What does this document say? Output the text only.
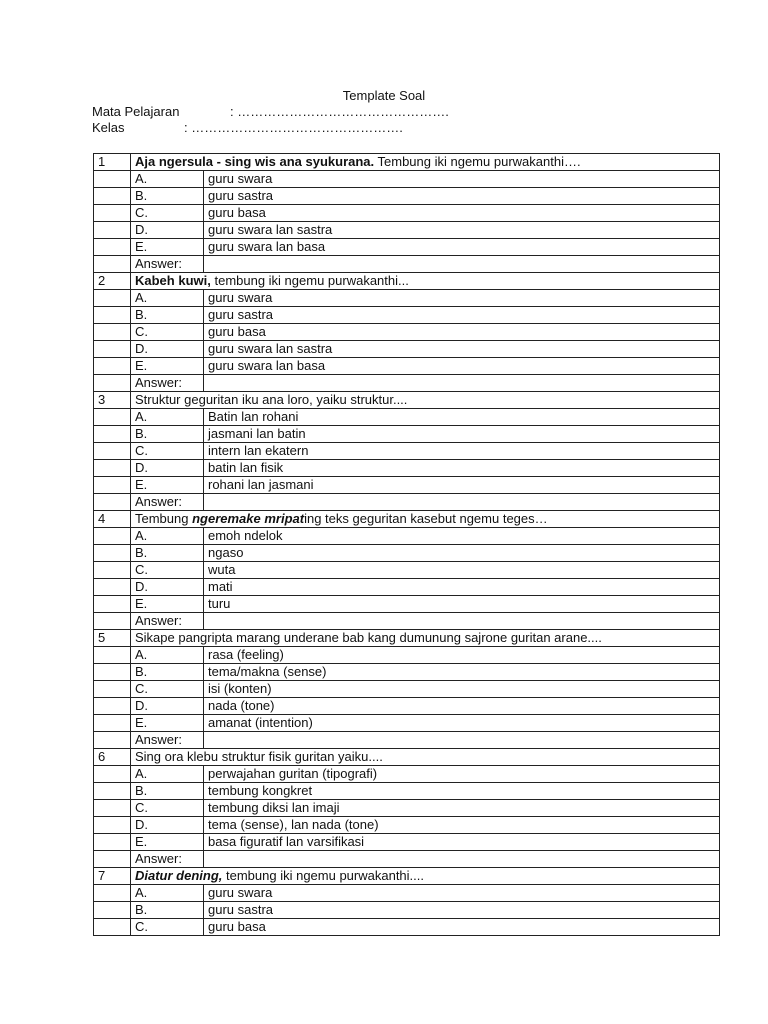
Template Soal
Mata Pelajaran	: ………………………………………….
Kelas	: ………………………………………….
1	Aja ngersula - sing wis ana syukurana. Tembung iki ngemu purwakanthi….	
	A.	guru swara
	B.	guru sastra
	C.	guru basa
	D.	guru swara lan sastra
	E.	guru swara lan basa
	Answer:	
2	Kabeh kuwi, tembung iki ngemu purwakanthi...	
	A.	guru swara
	B.	guru sastra
	C.	guru basa
	D.	guru swara lan sastra
	E.	guru swara lan basa
	Answer:	
3	Struktur geguritan iku ana loro, yaiku struktur....	
	A.	Batin lan rohani
	B.	jasmani lan batin
	C.	intern lan ekatern
	D.	batin lan fisik
	E.	rohani lan jasmani
	Answer:	
4	Tembung ngeremake mripating teks geguritan kasebut ngemu teges…	
	A.	emoh ndelok
	B.	ngaso
	C.	wuta
	D.	mati
	E.	turu
	Answer:	
5	Sikape pangripta marang underane bab kang dumunung sajrone guritan arane....	
	A.	rasa (feeling)
	B.	tema/makna (sense)
	C.	isi (konten)
	D.	nada (tone)
	E.	amanat (intention)
	Answer:	
6	Sing ora klebu struktur fisik guritan yaiku....	
	A.	perwajahan guritan (tipografi)
	B.	tembung kongkret
	C.	tembung diksi lan imaji
	D.	tema (sense), lan nada (tone)
	E.	basa figuratif lan varsifikasi
	Answer:	
7	Diatur dening, tembung iki ngemu purwakanthi....	
	A.	guru swara
	B.	guru sastra
	C.	guru basa
